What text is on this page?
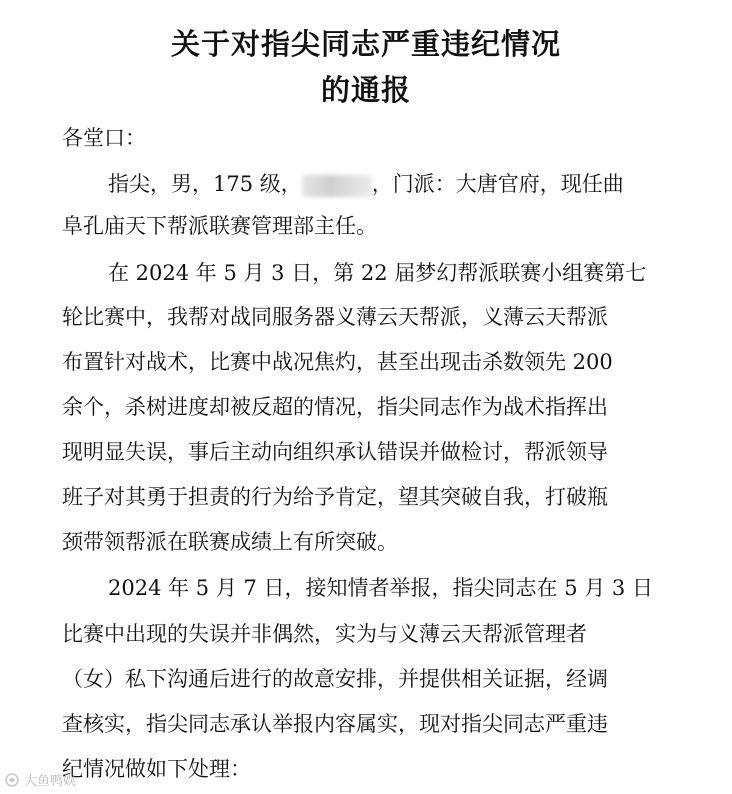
关于对指尖同志严重违纪情况
的通报
各堂口：
指尖，男，175 级，	，门派：大唐官府，现任曲
阜孔庙天下帮派联赛管理部主任。
在 2024 年 5 月 3 日，第 22 届梦幻帮派联赛小组赛第七
轮比赛中，我帮对战同服务器义薄云天帮派，义薄云天帮派
布置针对战术，比赛中战况焦灼，甚至出现击杀数领先 200
余个，杀树进度却被反超的情况，指尖同志作为战术指挥出
现明显失误，事后主动向组织承认错误并做检讨，帮派领导
班子对其勇于担责的行为给予肯定，望其突破自我，打破瓶
颈带领帮派在联赛成绩上有所突破。
2024 年 5 月 7 日，接知情者举报，指尖同志在 5 月 3 日
比赛中出现的失误并非偶然，实为与义薄云天帮派管理者
（女）私下沟通后进行的故意安排，并提供相关证据，经调
查核实，指尖同志承认举报内容属实，现对指尖同志严重违
纪情况做如下处理：
大鱼鸭娱
